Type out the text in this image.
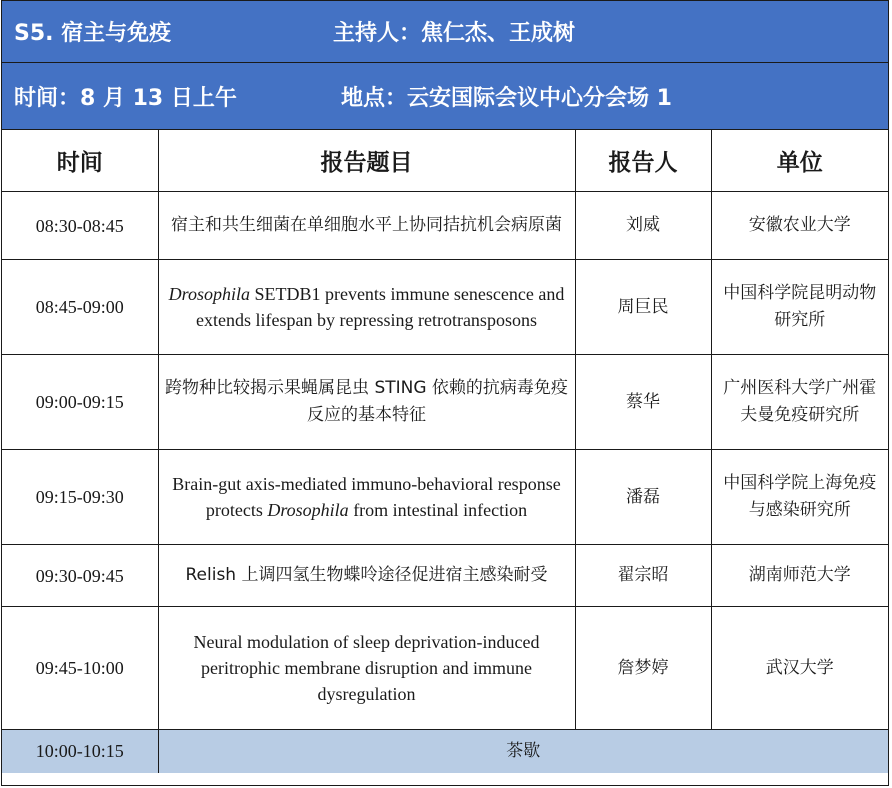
S5. 宿主与免疫	主持人：焦仁杰、王成树
时间：8 月 13 日上午	地点：云安国际会议中心分会场 1
时间	报告题目	报告人	单位
08:30-08:45	宿主和共生细菌在单细胞水平上协同拮抗机会病原菌	刘威	安徽农业大学
08:45-09:00	Drosophila SETDB1 prevents immune senescence and extends lifespan by repressing retrotransposons	周巨民	中国科学院昆明动物研究所
09:00-09:15	跨物种比较揭示果蝇属昆虫 STING 依赖的抗病毒免疫反应的基本特征	蔡华	广州医科大学广州霍夫曼免疫研究所
09:15-09:30	Brain-gut axis-mediated immuno-behavioral response protects Drosophila from intestinal infection	潘磊	中国科学院上海免疫与感染研究所
09:30-09:45	Relish 上调四氢生物蝶呤途径促进宿主感染耐受	翟宗昭	湖南师范大学
09:45-10:00	Neural modulation of sleep deprivation-induced peritrophic membrane disruption and immune dysregulation	詹梦婷	武汉大学
10:00-10:15	茶歇		
